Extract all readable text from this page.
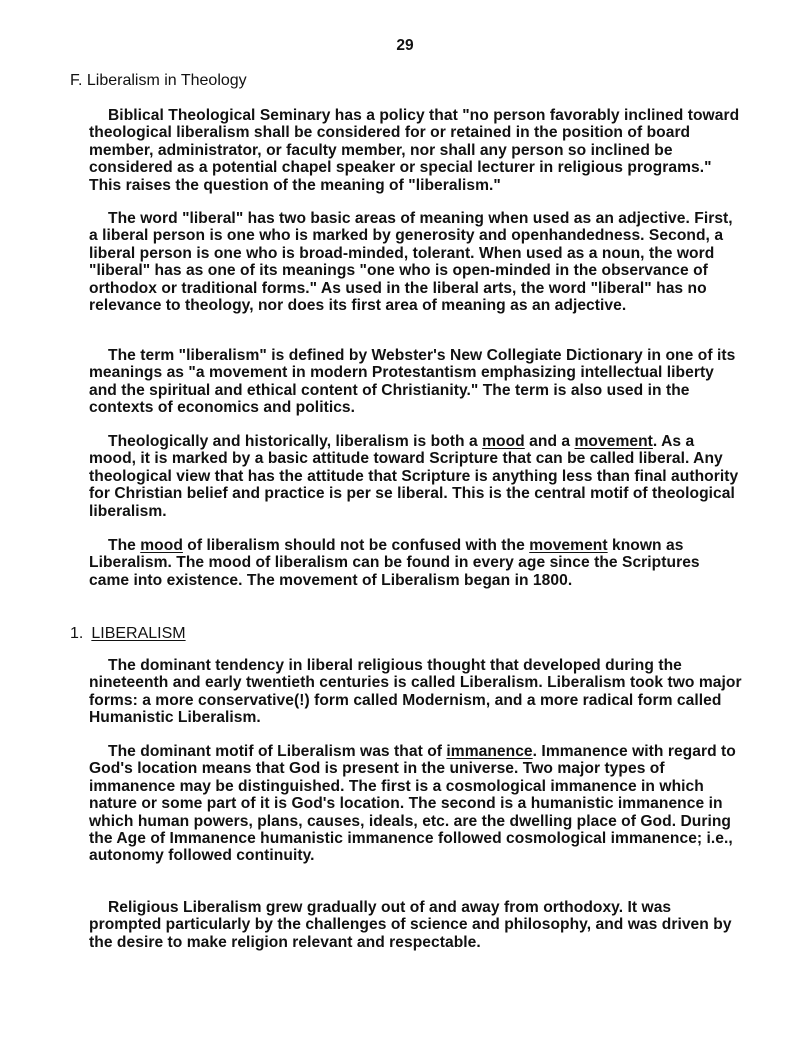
29
F. Liberalism in Theology

Biblical Theological Seminary has a policy that "no person favorably inclined toward theological liberalism shall be considered for or retained in the position of board member, administrator, or faculty member, nor shall any person so inclined be considered as a potential chapel speaker or special lecturer in religious programs." This raises the question of the meaning of "liberalism."

The word "liberal" has two basic areas of meaning when used as an adjective. First, a liberal person is one who is marked by generosity and openhandedness. Second, a liberal person is one who is broad-minded, tolerant. When used as a noun, the word "liberal" has as one of its meanings "one who is open-minded in the observance of orthodox or traditional forms." As used in the liberal arts, the word "liberal" has no relevance to theology, nor does its first area of meaning as an adjective.

The term "liberalism" is defined by Webster's New Collegiate Dictionary in one of its meanings as "a movement in modern Protestantism emphasizing intellectual liberty and the spiritual and ethical content of Christianity." The term is also used in the contexts of economics and politics.

Theologically and historically, liberalism is both a mood and a movement. As a mood, it is marked by a basic attitude toward Scripture that can be called liberal. Any theological view that has the attitude that Scripture is anything less than final authority for Christian belief and practice is per se liberal. This is the central motif of theological liberalism.

The mood of liberalism should not be confused with the movement known as Liberalism. The mood of liberalism can be found in every age since the Scriptures came into existence. The movement of Liberalism began in 1800.

1. LIBERALISM

The dominant tendency in liberal religious thought that developed during the nineteenth and early twentieth centuries is called Liberalism. Liberalism took two major forms: a more conservative(!) form called Modernism, and a more radical form called Humanistic Liberalism.

The dominant motif of Liberalism was that of immanence. Immanence with regard to God's location means that God is present in the universe. Two major types of immanence may be distinguished. The first is a cosmological immanence in which nature or some part of it is God's location. The second is a humanistic immanence in which human powers, plans, causes, ideals, etc. are the dwelling place of God. During the Age of Immanence humanistic immanence followed cosmological immanence; i.e., autonomy followed continuity.

Religious Liberalism grew gradually out of and away from orthodoxy. It was prompted particularly by the challenges of science and philosophy, and was driven by the desire to make religion relevant and respectable.
